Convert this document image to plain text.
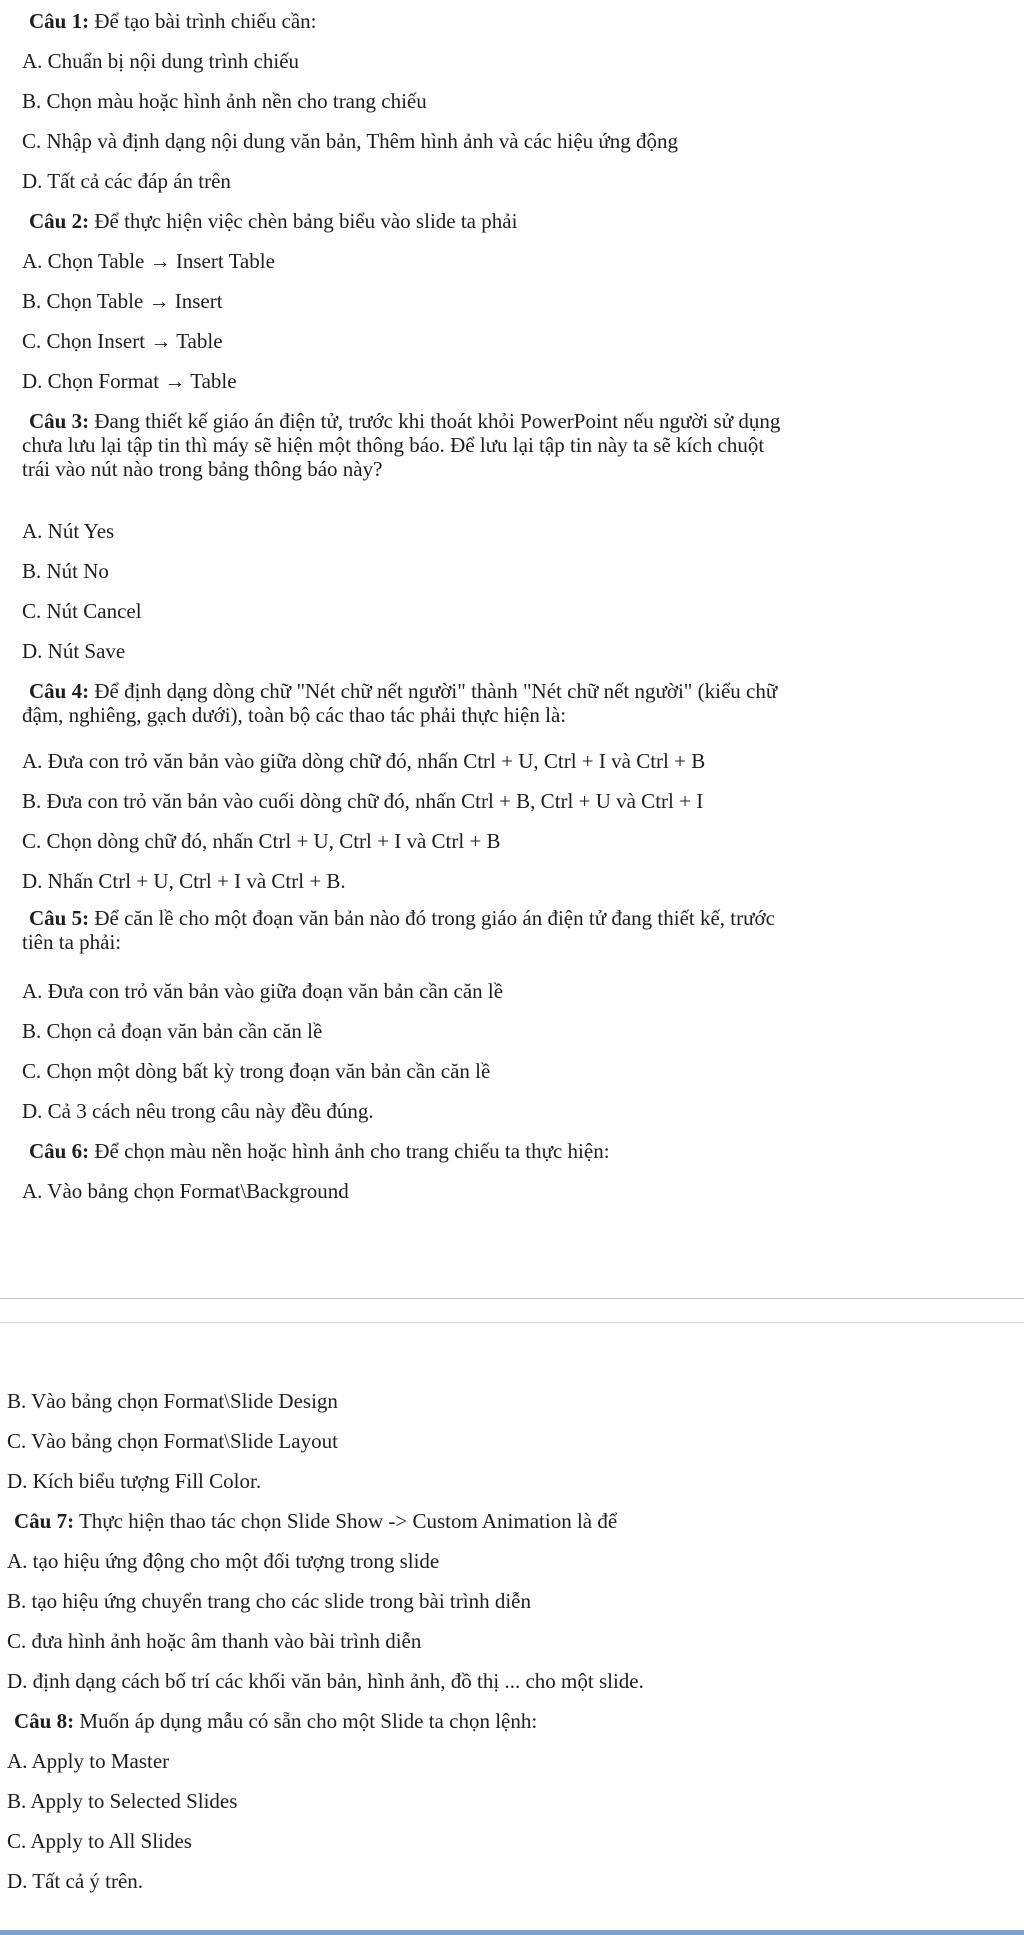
Câu 1: Để tạo bài trình chiếu cần:
A. Chuẩn bị nội dung trình chiếu
B. Chọn màu hoặc hình ảnh nền cho trang chiếu
C. Nhập và định dạng nội dung văn bản, Thêm hình ảnh và các hiệu ứng động
D. Tất cả các đáp án trên
Câu 2: Để thực hiện việc chèn bảng biểu vào slide ta phải
A. Chọn Table → Insert Table
B. Chọn Table → Insert
C. Chọn Insert → Table
D. Chọn Format → Table
Câu 3: Đang thiết kế giáo án điện tử, trước khi thoát khỏi PowerPoint nếu người sử dụng
chưa lưu lại tập tin thì máy sẽ hiện một thông báo. Để lưu lại tập tin này ta sẽ kích chuột
trái vào nút nào trong bảng thông báo này?
A. Nút Yes
B. Nút No
C. Nút Cancel
D. Nút Save
Câu 4: Để định dạng dòng chữ "Nét chữ nết người" thành "Nét chữ nết người" (kiểu chữ
đậm, nghiêng, gạch dưới), toàn bộ các thao tác phải thực hiện là:
A. Đưa con trỏ văn bản vào giữa dòng chữ đó, nhấn Ctrl + U, Ctrl + I và Ctrl + B
B. Đưa con trỏ văn bản vào cuối dòng chữ đó, nhấn Ctrl + B, Ctrl + U và Ctrl + I
C. Chọn dòng chữ đó, nhấn Ctrl + U, Ctrl + I và Ctrl + B
D. Nhấn Ctrl + U, Ctrl + I và Ctrl + B.
Câu 5: Để căn lề cho một đoạn văn bản nào đó trong giáo án điện tử đang thiết kế, trước
tiên ta phải:
A. Đưa con trỏ văn bản vào giữa đoạn văn bản cần căn lề
B. Chọn cả đoạn văn bản cần căn lề
C. Chọn một dòng bất kỳ trong đoạn văn bản cần căn lề
D. Cả 3 cách nêu trong câu này đều đúng.
Câu 6: Để chọn màu nền hoặc hình ảnh cho trang chiếu ta thực hiện:
A. Vào bảng chọn Format\Background
B. Vào bảng chọn Format\Slide Design
C. Vào bảng chọn Format\Slide Layout
D. Kích biểu tượng Fill Color.
Câu 7: Thực hiện thao tác chọn Slide Show -> Custom Animation là để
A. tạo hiệu ứng động cho một đối tượng trong slide
B. tạo hiệu ứng chuyển trang cho các slide trong bài trình diễn
C. đưa hình ảnh hoặc âm thanh vào bài trình diễn
D. định dạng cách bố trí các khối văn bản, hình ảnh, đồ thị ... cho một slide.
Câu 8: Muốn áp dụng mẫu có sẵn cho một Slide ta chọn lệnh:
A. Apply to Master
B. Apply to Selected Slides
C. Apply to All Slides
D. Tất cả ý trên.
